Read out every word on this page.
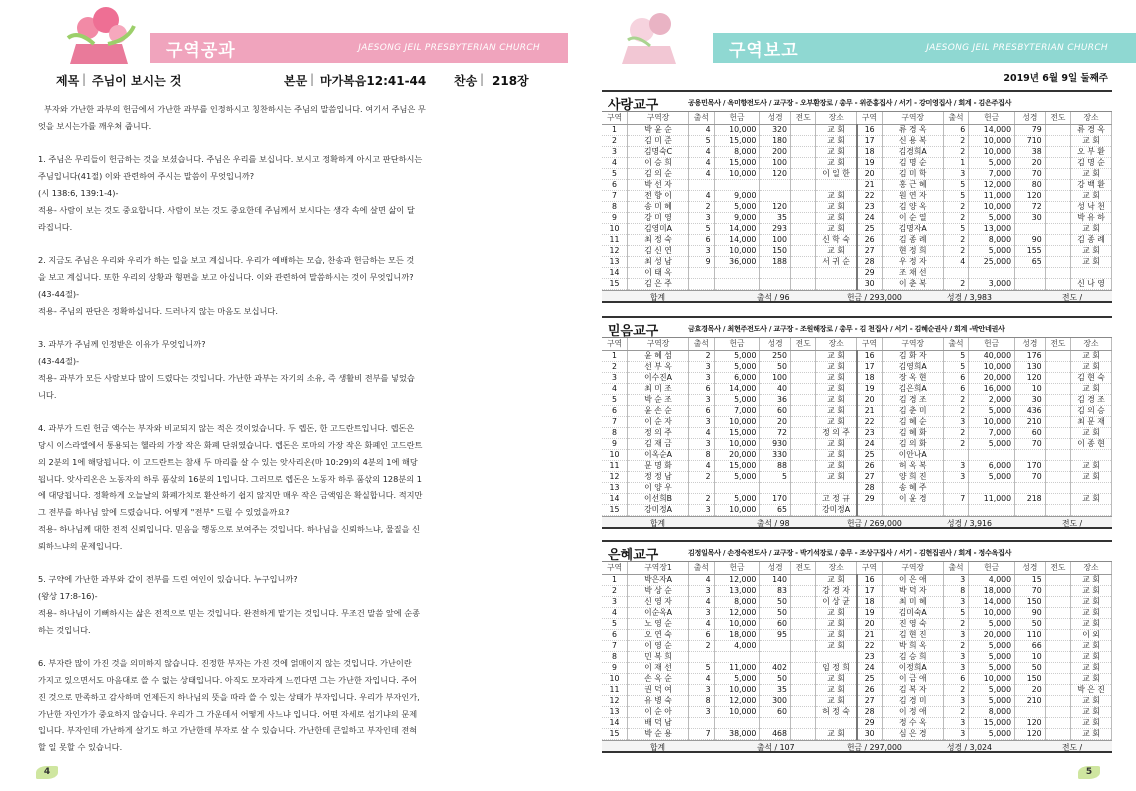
구역공과	JAESONG JEIL PRESBYTERIAN CHURCH
제목 | 주님이 보시는 것	본문 | 마가복음12:41-44 찬송 | 218장

부자와 가난한 과부의 헌금에서 가난한 과부를 인정하시고 칭찬하시는 주님의 말씀입니다. 여기서 주님은 무

엇을 보시는가를 깨우쳐 줍니다.

1. 주님은 무리들이 헌금하는 것을 보셨습니다. 주님은 우리를 보십니다. 보시고 정확하게 아시고 판단하시는

주님입니다(41절) 이와 관련하여 주시는 말씀이 무엇입니까?

(시 138:6, 139:1-4)-

적용- 사람이 보는 것도 중요합니다. 사람이 보는 것도 중요한데 주님께서 보시다는 생각 속에 살면 삶이 달

라집니다.

2. 지금도 주님은 우리와 우리가 하는 일을 보고 계십니다. 우리가 예배하는 모습, 찬송과 헌금하는 모든 것

을 보고 계십니다. 또한 우리의 상황과 형편을 보고 아십니다. 이와 관련하여 말씀하시는 것이 무엇입니까?

(43-44절)-

적용- 주님의 판단은 정확하십니다. 드러나지 않는 마음도 보십니다.

3. 과부가 주님께 인정받은 이유가 무엇입니까?

(43-44절)-

적용- 과부가 모든 사람보다 많이 드렸다는 것입니다. 가난한 과부는 자기의 소유, 즉 생활비 전부를 넣었습

니다.

4. 과부가 드린 헌금 액수는 부자와 비교되지 않는 적은 것이었습니다. 두 렙돈, 한 고드란트입니다. 렙돈은

당시 이스라엘에서 통용되는 헬라의 가장 작은 화폐 단위였습니다. 렙돈은 로마의 가장 작은 화폐인 고드란트

의 2분의 1에 해당됩니다. 이 고드란트는 참새 두 마리를 살 수 있는 앗사리온(마 10:29)의 4분의 1에 해당

됩니다. 앗사리온은 노동자의 하루 품삯의 16분의 1입니다. 그러므로 렙돈은 노동자 하루 품삯의 128분의 1

에 대당됩니다. 정확하게 오늘날의 화폐가치로 환산하기 쉽지 않지만 매우 작은 금액임은 확실합니다. 적지만

그 전부를 하나님 앞에 드렸습니다. 어떻게 "전부" 드릴 수 있었을까요?

적용- 하나님께 대한 전적 신뢰입니다. 믿음을 행동으로 보여주는 것입니다. 하나님을 신뢰하느냐, 물질을 신

뢰하느냐의 문제입니다.

5. 구약에 가난한 과부와 같이 전부를 드린 여인이 있습니다. 누구입니까?

(왕상 17:8-16)-

적용- 하나님이 기뻐하시는 삶은 전적으로 믿는 것입니다. 완전하게 맡기는 것입니다. 무조건 말씀 앞에 순종

하는 것입니다.

6. 부자란 많이 가진 것을 의미하지 않습니다. 진정한 부자는 가진 것에 얽매이지 않는 것입니다. 가난이란

가지고 있으면서도 마음대로 쓸 수 없는 상태입니다. 아직도 모자라게 느낀다면 그는 가난한 자입니다. 주어

진 것으로 만족하고 감사하며 언제든지 하나님의 뜻을 따라 쓸 수 있는 상태가 부자입니다. 우리가 부자인가,

가난한 자인가가 중요하지 않습니다. 우리가 그 가운데서 어떻게 사느냐 입니다. 어떤 자세로 섬기냐의 문제

입니다. 부자인데 가난하게 살기도 하고 가난한데 부자로 살 수 있습니다. 가난한데 큰일하고 부자인데 전혀

할 일 못할 수 있습니다.

4
구역보고	JAESONG JEIL PRESBYTERIAN CHURCH
2019년 6월 9일 둘째주
사랑교구	공용민목사 / 옥미향전도사 / 교구장 - 오부환장로 / 총무 - 위준홍집사 / 서기 - 강미영집사 / 회계 - 김은주집사
구역	구역장	출석	헌금	성경	전도	장소	구역	구역장	출석	헌금	성경	전도	장소
1	박 윤 순	4	10,000	320		교 회	16	류 경 옥	6	14,000	79		류 경 옥
2	김 미 준	5	15,000	180		교 회	17	신 용 복	2	10,000	710		교 회
3	김명숙C	4	8,000	200		교 회	18	김경희A	2	10,000	38		오 부 환
4	이 승 희	4	15,000	100		교 회	19	김 명 순	1	5,000	20		김 명 순
5	김 의 순	4	10,000	120		이 일 한	20	김 미 학	3	7,000	70		교 회
6	박 선 자						21	홍 근 혜	5	12,000	80		강 백 환
7	전 향 이	4	9,000			교 회	22	원 연 자	5	11,000	120		교 회
8	송 미 혜	2	5,000	120		교 회	23	김 양 옥	2	10,000	72		성 낙 천
9	강 미 영	3	9,000	35		교 회	24	이 순 열	2	5,000	30		박 유 하
10	김영미A	5	14,000	293		교 회	25	김명자A	5	13,000			교 회
11	최 정 숙	6	14,000	100		신 학 숙	26	김 종 례	2	8,000	90		김 종 례
12	김 신 연	3	10,000	150		교 회	27	현 정 희	2	5,000	155		교 회
13	최 성 남	9	36,000	188		서 귀 순	28	우 정 자	4	25,000	65		교 회
14	이 태 옥						29	조 채 선					
15	김 은 주						30	이 춘 복	2	3,000			신 나 영
합계	출석 / 96	헌금 / 293,000	성경 / 3,983	전도 /
믿음교구	금효경목사 / 최현주전도사 / 교구장 - 조원해장로 / 총무 - 김 천집사 / 서기 - 김혜순권사 / 회계 -박안네권사
구역	구역장	출석	헌금	성경	전도	장소	구역	구역장	출석	헌금	성경	전도	장소
1	윤 혜 섬	2	5,000	250		교 회	16	김 화 자	5	40,000	176		교 회
2	선 부 옥	3	5,000	50		교 회	17	김영희A	5	10,000	130		교 회
3	이수진A	3	6,000	100		교 회	18	장 옥 현	6	20,000	120		김 현 숙
4	최 미 조	6	14,000	40		교 회	19	김은희A	6	16,000	10		교 회
5	박 순 조	3	5,000	36		교 회	20	김 경 조	2	2,000	30		김 경 조
6	윤 손 순	6	7,000	60		교 회	21	김 춘 미	2	5,000	436		김 의 승
7	이 순 자	3	10,000	20		교 회	22	김 혜 순	3	10,000	210		최 문 재
8	정 의 주	4	15,000	72		정 의 주	23	김 혜 화	2	7,000	60		교 회
9	김 재 금	3	10,000	930		교 회	24	김 의 화	2	5,000	70		이 종 현
10	이옥순A	8	20,000	330		교 회	25	이안나A					
11	문 명 화	4	15,000	88		교 회	26	허 옥 복	3	6,000	170		교 회
12	정 정 남	2	5,000	5		교 회	27	양 희 진	3	5,000	70		교 회
13	이 양 우						28	송 혜 주					
14	이선희B	2	5,000	170		고 정 규	29	이 윤 경	7	11,000	218		교 회
15	강미정A	3	10,000	65		강미정A							
합계	출석 / 98	헌금 / 269,000	성경 / 3,916	전도 /
은혜교구	김정일목사 / 손정숙전도사 / 교구장 - 박기석장로 / 총무 - 조상구집사 / 서기 - 김현집권사 / 회계 - 정수옥집사
구역	구역장1	출석	헌금	성경	전도	장소	구역	구역장	출석	헌금	성경	전도	장소
1	박은자A	4	12,000	140		교 회	16	이 은 애	3	4,000	15		교 회
2	박 상 순	3	13,000	83		강 경 자	17	박 덕 자	8	18,000	70		교 회
3	신 영 자	4	8,000	50		이 상 균	18	최 미 혜	3	14,000	150		교 회
4	이순옥A	3	12,000	50		교 회	19	김미숙A	5	10,000	90		교 회
5	노 영 순	4	10,000	60		교 회	20	진 영 숙	2	5,000	50		교 회
6	오 연 숙	6	18,000	95		교 회	21	김 현 진	3	20,000	110		이 외
7	이 영 순	2	4,000			교 회	22	박 희 옥	2	5,000	66		교 회
8	민 복 희						23	김 승 희	3	5,000	10		교 회
9	이 재 선	5	11,000	402		임 정 희	24	이정희A	3	5,000	50		교 회
10	손 옥 순	4	5,000	50		교 회	25	이 금 애	6	10,000	150		교 회
11	권 덕 여	3	10,000	35		교 회	26	김 복 자	2	5,000	20		박 은 진
12	유 병 숙	8	12,000	300		교 회	27	김 경 미	3	5,000	210		교 회
13	이 순 아	3	10,000	60		허 정 숙	28	이 정 애	2	8,000			교 회
14	배 덕 남						29	정 수 옥	3	15,000	120		교 회
15	박 순 용	7	38,000	468		교 회	30	심 은 경	3	5,000	120		교 회
합계	출석 / 107	헌금 / 297,000	성경 / 3,024	전도 /
5
